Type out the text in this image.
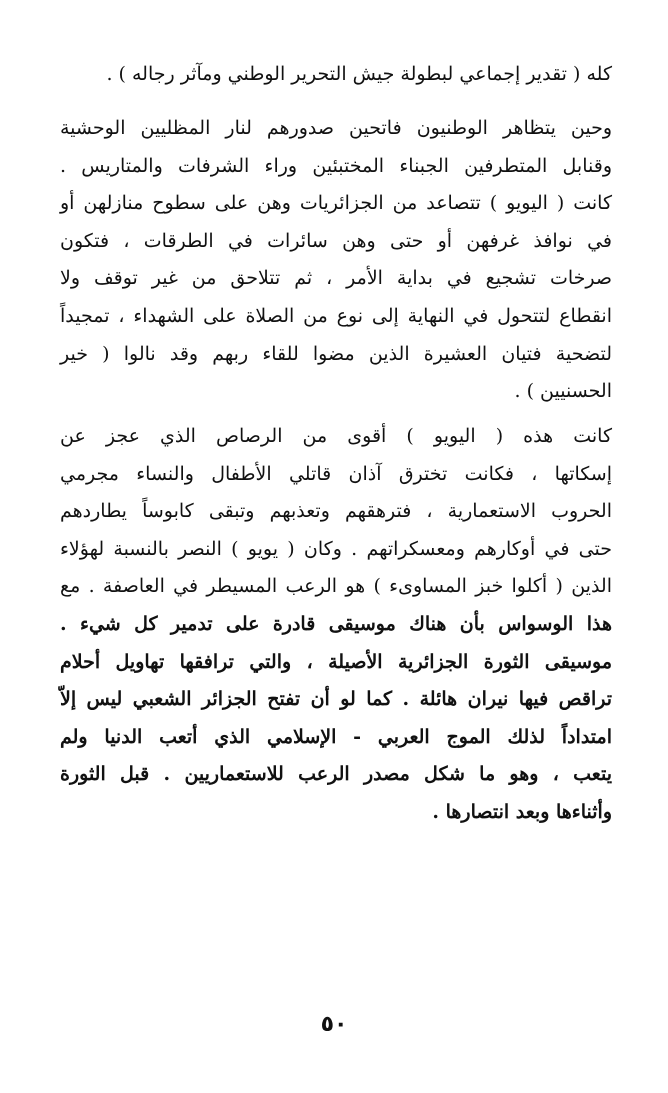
كله ( تقدير إجماعي لبطولة جيش التحرير الوطني ومآثر رجاله ) .
وحين يتظاهر الوطنيون فاتحين صدورهم لنار المظليين الوحشية
وقنابل المتطرفين الجبناء المختبئين وراء الشرفات والمتاريس .
كانت ( اليويو ) تتصاعد من الجزائريات وهن على سطوح منازلهن أو
في نوافذ غرفهن أو حتى وهن سائرات في الطرقات ، فتكون
صرخات تشجيع في بداية الأمر ، ثم تتلاحق من غير توقف ولا
انقطاع لتتحول في النهاية إلى نوع من الصلاة على الشهداء ، تمجيداً
لتضحية فتيان العشيرة الذين مضوا للقاء ربهم وقد نالوا ( خير
الحسنيين ) .
كانت هذه ( اليويو ) أقوى من الرصاص الذي عجز عن
إسكاتها ، فكانت تخترق آذان قاتلي الأطفال والنساء مجرمي
الحروب الاستعمارية ، فترهقهم وتعذبهم وتبقى كابوساً يطاردهم
حتى في أوكارهم ومعسكراتهم . وكان ( يويو ) النصر بالنسبة لهؤلاء
الذين ( أكلوا خبز المساوىء ) هو الرعب المسيطر في العاصفة . مع
هذا الوسواس بأن هناك موسيقى قادرة على تدمير كل شيء .
موسيقى الثورة الجزائرية الأصيلة ، والتي ترافقها تهاويل أحلام
تراقص فيها نيران هائلة . كما لو أن تفتح الجزائر الشعبي ليس إلاّ
امتداداً لذلك الموج العربي - الإسلامي الذي أتعب الدنيا ولم
يتعب ، وهو ما شكل مصدر الرعب للاستعماريين . قبل الثورة
وأثناءها وبعد انتصارها .
٥٠
